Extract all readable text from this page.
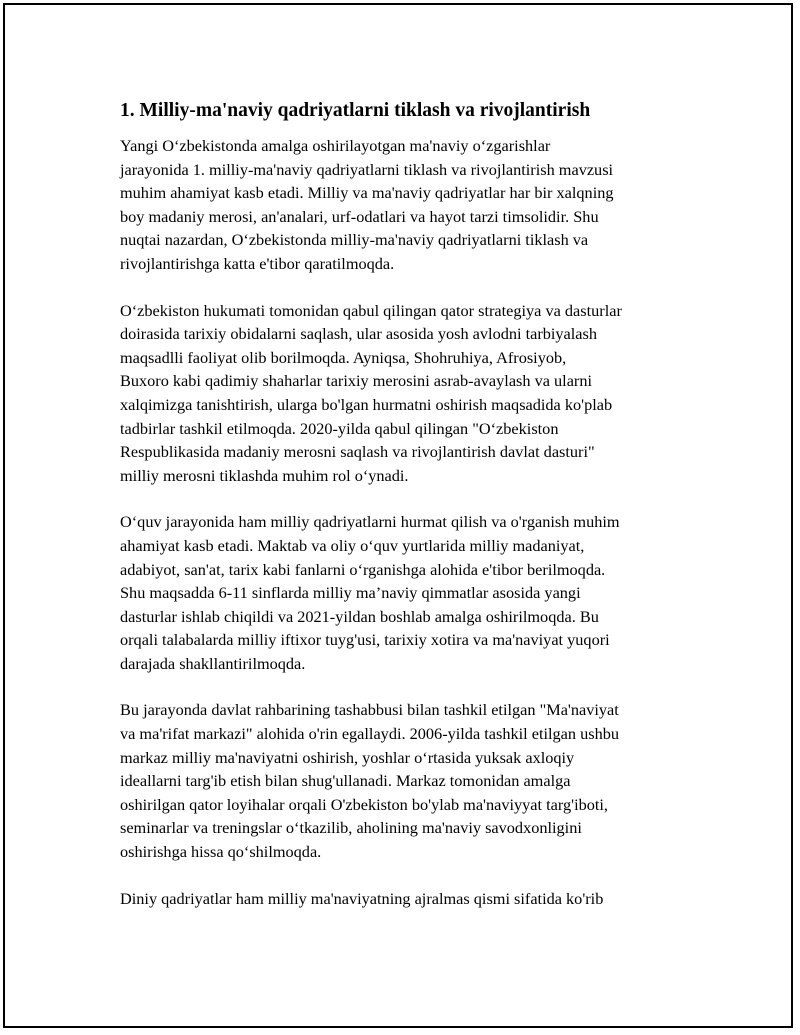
1. Milliy-ma'naviy qadriyatlarni tiklash va rivojlantirish

Yangi O‘zbekistonda amalga oshirilayotgan ma'naviy o‘zgarishlar
jarayonida 1. milliy-ma'naviy qadriyatlarni tiklash va rivojlantirish mavzusi
muhim ahamiyat kasb etadi. Milliy va ma'naviy qadriyatlar har bir xalqning
boy madaniy merosi, an'analari, urf-odatlari va hayot tarzi timsolidir. Shu
nuqtai nazardan, O‘zbekistonda milliy-ma'naviy qadriyatlarni tiklash va
rivojlantirishga katta e'tibor qaratilmoqda.

O‘zbekiston hukumati tomonidan qabul qilingan qator strategiya va dasturlar
doirasida tarixiy obidalarni saqlash, ular asosida yosh avlodni tarbiyalash
maqsadlli faoliyat olib borilmoqda. Ayniqsa, Shohruhiya, Afrosiyob,
Buxoro kabi qadimiy shaharlar tarixiy merosini asrab-avaylash va ularni
xalqimizga tanishtirish, ularga bo'lgan hurmatni oshirish maqsadida ko'plab
tadbirlar tashkil etilmoqda. 2020-yilda qabul qilingan "O‘zbekiston
Respublikasida madaniy merosni saqlash va rivojlantirish davlat dasturi"
milliy merosni tiklashda muhim rol o‘ynadi.

O‘quv jarayonida ham milliy qadriyatlarni hurmat qilish va o'rganish muhim
ahamiyat kasb etadi. Maktab va oliy o‘quv yurtlarida milliy madaniyat,
adabiyot, san'at, tarix kabi fanlarni o‘rganishga alohida e'tibor berilmoqda.
Shu maqsadda 6-11 sinflarda milliy ma’naviy qimmatlar asosida yangi
dasturlar ishlab chiqildi va 2021-yildan boshlab amalga oshirilmoqda. Bu
orqali talabalarda milliy iftixor tuyg'usi, tarixiy xotira va ma'naviyat yuqori
darajada shakllantirilmoqda.

Bu jarayonda davlat rahbarining tashabbusi bilan tashkil etilgan "Ma'naviyat
va ma'rifat markazi" alohida o'rin egallaydi. 2006-yilda tashkil etilgan ushbu
markaz milliy ma'naviyatni oshirish, yoshlar o‘rtasida yuksak axloqiy
ideallarni targ'ib etish bilan shug'ullanadi. Markaz tomonidan amalga
oshirilgan qator loyihalar orqali O'zbekiston bo'ylab ma'naviyyat targ'iboti,
seminarlar va treningslar o‘tkazilib, aholining ma'naviy savodxonligini
oshirishga hissa qo‘shilmoqda.

Diniy qadriyatlar ham milliy ma'naviyatning ajralmas qismi sifatida ko'rib
